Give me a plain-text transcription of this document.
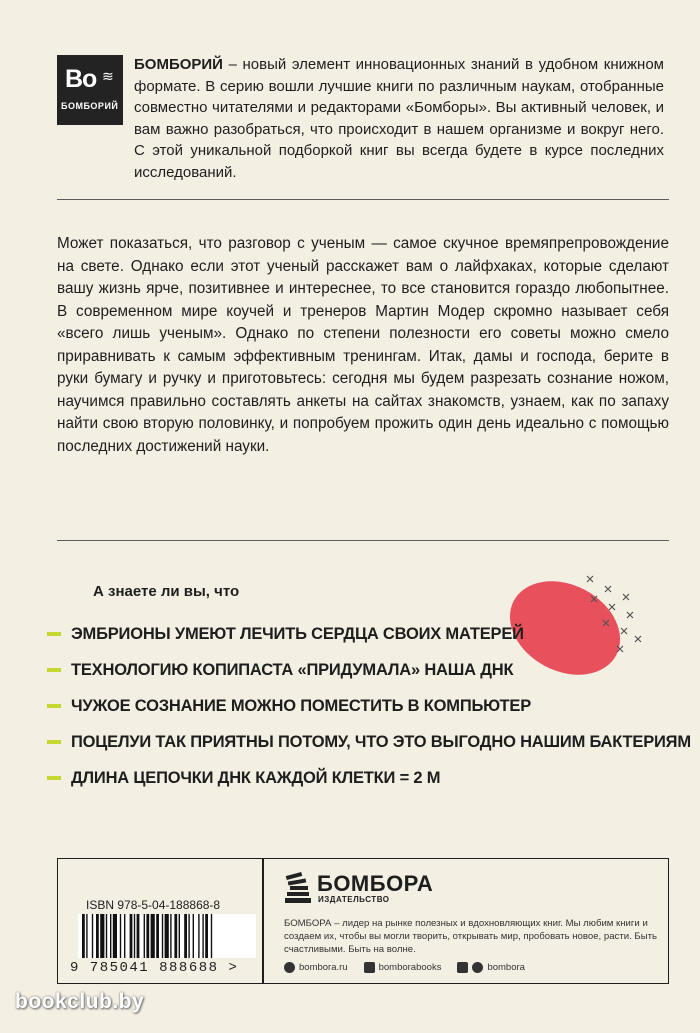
Bo ≋
БОМБОРИЙ
БОМБОРИЙ – новый элемент инновационных знаний в удобном книжном формате. В серию вошли лучшие книги по различным наукам, отобранные совместно читателями и редакторами «Бомборы». Вы активный человек, и вам важно разобраться, что происходит в нашем организме и вокруг него. С этой уникальной подборкой книг вы всегда будете в курсе последних исследований.

Может показаться, что разговор с ученым — самое скучное времяпрепровождение на свете. Однако если этот ученый расскажет вам о лайфхаках, которые сделают вашу жизнь ярче, позитивнее и интереснее, то все становится гораздо любопытнее. В современном мире коучей и тренеров Мартин Модер скромно называет себя «всего лишь ученым». Однако по степени полезности его советы можно смело приравнивать к самым эффективным тренингам. Итак, дамы и господа, берите в руки бумагу и ручку и приготовьтесь: сегодня мы будем разрезать сознание ножом, научимся правильно составлять анкеты на сайтах знакомств, узнаем, как по запаху найти свою вторую половинку, и попробуем прожить один день идеально с помощью последних достижений науки.

А знаете ли вы, что
ЭМБРИОНЫ УМЕЮТ ЛЕЧИТЬ СЕРДЦА СВОИХ МАТЕРЕЙ
ТЕХНОЛОГИЮ КОПИПАСТА «ПРИДУМАЛА» НАША ДНК
ЧУЖОЕ СОЗНАНИЕ МОЖНО ПОМЕСТИТЬ В КОМПЬЮТЕР
ПОЦЕЛУИ ТАК ПРИЯТНЫ ПОТОМУ, ЧТО ЭТО ВЫГОДНО НАШИМ БАКТЕРИЯМ
ДЛИНА ЦЕПОЧКИ ДНК КАЖДОЙ КЛЕТКИ = 2 М
ISBN 978-5-04-188868-8
9 785041 888688 >
БОМБОРА
ИЗДАТЕЛЬСТВО
БОМБОРА – лидер на рынке полезных и вдохновляющих книг. Мы любим книги и создаем их, чтобы вы могли творить, открывать мир, пробовать новое, расти. Быть счастливыми. Быть на волне.
bombora.ru	bomborabooks	bombora
bookclub.by
